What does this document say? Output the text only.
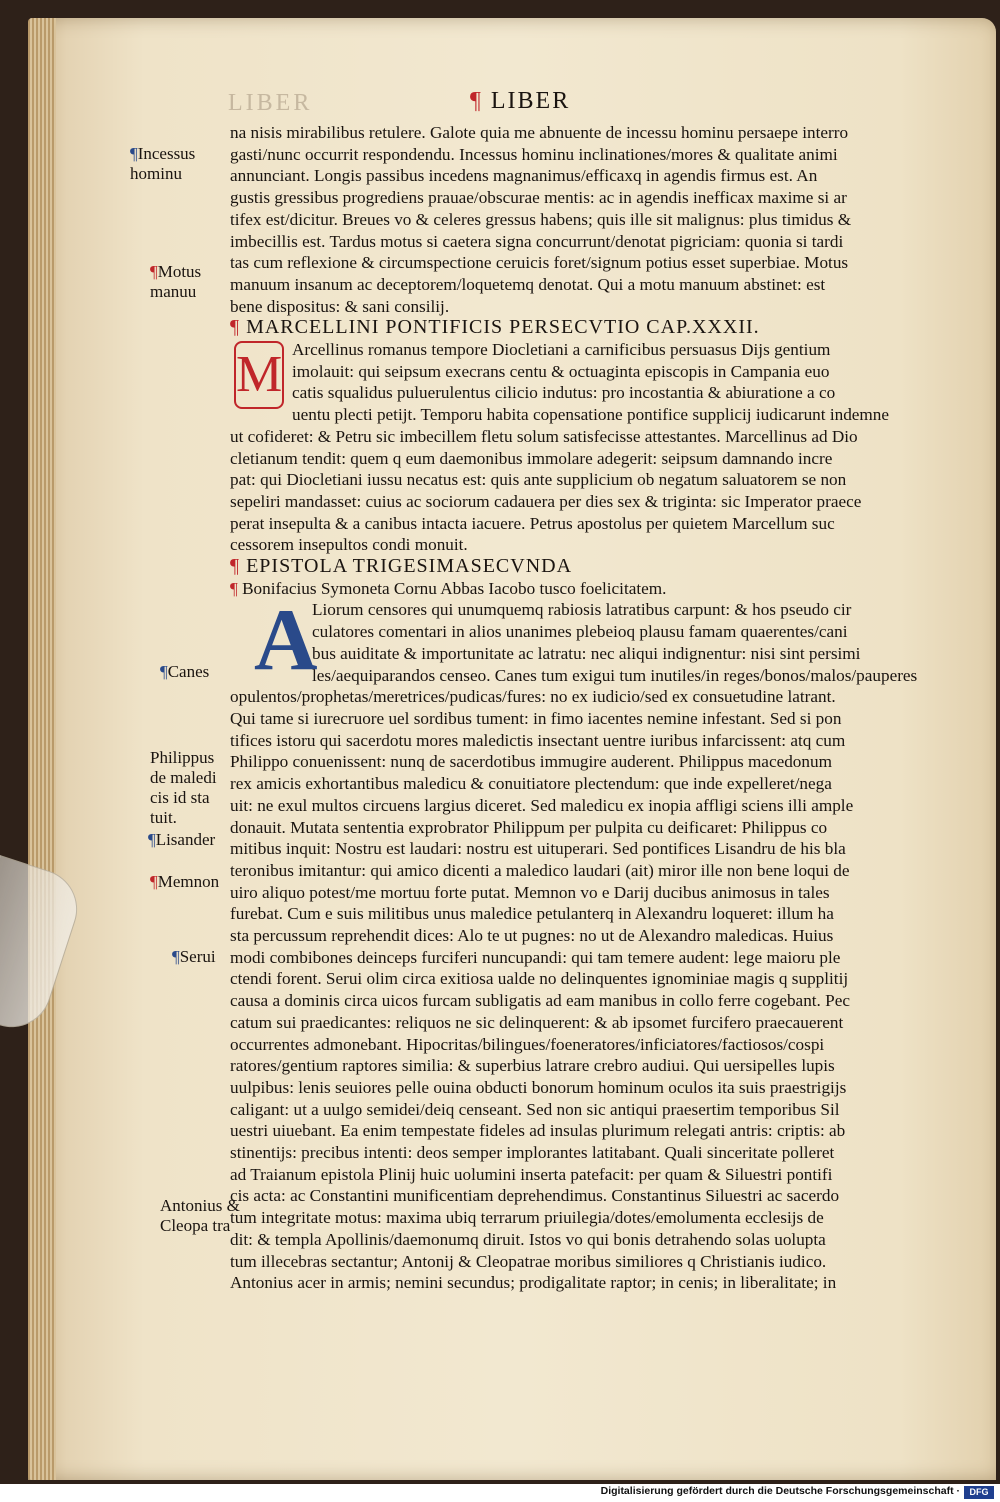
LIBER	¶ LIBER
na nisis mirabilibus retulere. Galote quia me abnuente de incessu hominu persaepe interro
gasti/nunc occurrit respondendu. Incessus hominu inclinationes/mores & qualitate animi
annunciant. Longis passibus incedens magnanimus/efficaxq in agendis firmus est. An
gustis gressibus progrediens prauae/obscurae mentis: ac in agendis inefficax maxime si ar
tifex est/dicitur. Breues vo & celeres gressus habens; quis ille sit malignus: plus timidus &
imbecillis est. Tardus motus si caetera signa concurrunt/denotat pigriciam: quonia si tardi
tas cum reflexione & circumspectione ceruicis foret/signum potius esset superbiae. Motus
manuum insanum ac deceptorem/loquetemq denotat. Qui a motu manuum abstinet: est
bene dispositus: & sani consilij.
¶ MARCELLINI PONTIFICIS PERSECVTIO CAP.XXXII.
M Arcellinus romanus tempore Diocletiani a carnificibus persuasus Dijs gentium
imolauit: qui seipsum execrans centu & octuaginta episcopis in Campania euo
catis squalidus puluerulentus cilicio indutus: pro incostantia & abiuratione a co
uentu plecti petijt. Temporu habita copensatione pontifice supplicij iudicarunt indemne
ut cofideret: & Petru sic imbecillem fletu solum satisfecisse attestantes. Marcellinus ad Dio
cletianum tendit: quem q eum daemonibus immolare adegerit: seipsum damnando incre
pat: qui Diocletiani iussu necatus est: quis ante supplicium ob negatum saluatorem se non
sepeliri mandasset: cuius ac sociorum cadauera per dies sex & triginta: sic Imperator praece
perat insepulta & a canibus intacta iacuere. Petrus apostolus per quietem Marcellum suc
cessorem insepultos condi monuit.
¶ EPISTOLA TRIGESIMASECVNDA
¶ Bonifacius Symoneta Cornu Abbas Iacobo tusco foelicitatem.
A
Liorum censores qui unumquemq rabiosis latratibus carpunt: & hos pseudo cir
culatores comentari in alios unanimes plebeioq plausu famam quaerentes/cani
bus auiditate & importunitate ac latratu: nec aliqui indignentur: nisi sint persimi
les/aequiparandos censeo. Canes tum exigui tum inutiles/in reges/bonos/malos/pauperes
opulentos/prophetas/meretrices/pudicas/fures: no ex iudicio/sed ex consuetudine latrant.
Qui tame si iurecruore uel sordibus tument: in fimo iacentes nemine infestant. Sed si pon
tifices istoru qui sacerdotu mores maledictis insectant uentre iuribus infarcissent: atq cum
Philippo conuenissent: nunq de sacerdotibus immugire auderent. Philippus macedonum
rex amicis exhortantibus maledicu & conuitiatore plectendum: que inde expelleret/nega
uit: ne exul multos circuens largius diceret. Sed maledicu ex inopia affligi sciens illi ample
donauit. Mutata sententia exprobrator Philippum per pulpita cu deificaret: Philippus co
mitibus inquit: Nostru est laudari: nostru est uituperari. Sed pontifices Lisandru de his bla
teronibus imitantur: qui amico dicenti a maledico laudari (ait) miror ille non bene loqui de
uiro aliquo potest/me mortuu forte putat. Memnon vo e Darij ducibus animosus in tales
furebat. Cum e suis militibus unus maledice petulanterq in Alexandru loqueret: illum ha
sta percussum reprehendit dices: Alo te ut pugnes: no ut de Alexandro maledicas. Huius
modi combibones deinceps furciferi nuncupandi: qui tam temere audent: lege maioru ple
ctendi forent. Serui olim circa exitiosa ualde no delinquentes ignominiae magis q supplitij
causa a dominis circa uicos furcam subligatis ad eam manibus in collo ferre cogebant. Pec
catum sui praedicantes: reliquos ne sic delinquerent: & ab ipsomet furcifero praecauerent
occurrentes admonebant. Hipocritas/bilingues/foeneratores/inficiatores/factiosos/cospi
ratores/gentium raptores similia: & superbius latrare crebro audiui. Qui uersipelles lupis
uulpibus: lenis seuiores pelle ouina obducti bonorum hominum oculos ita suis praestrigijs
caligant: ut a uulgo semidei/deiq censeant. Sed non sic antiqui praesertim temporibus Sil
uestri uiuebant. Ea enim tempestate fideles ad insulas plurimum relegati antris: criptis: ab
stinentijs: precibus intenti: deos semper implorantes latitabant. Quali sinceritate polleret
ad Traianum epistola Plinij huic uolumini inserta patefacit: per quam & Siluestri pontifi
cis acta: ac Constantini munificentiam deprehendimus. Constantinus Siluestri ac sacerdo
tum integritate motus: maxima ubiq terrarum priuilegia/dotes/emolumenta ecclesijs de
dit: & templa Apollinis/daemonumq diruit. Istos vo qui bonis detrahendo solas uolupta
tum illecebras sectantur; Antonij & Cleopatrae moribus similiores q Christianis iudico.
Antonius acer in armis; nemini secundus; prodigalitate raptor; in cenis; in liberalitate; in
¶Incessus hominu
¶Motus manuu
¶Canes
Philippus de maledi cis id sta tuit.
¶Lisander
¶Memnon
¶Serui
Antonius & Cleopa tra
Digitalisierung gefördert durch die Deutsche Forschungsgemeinschaft ·	DFG
